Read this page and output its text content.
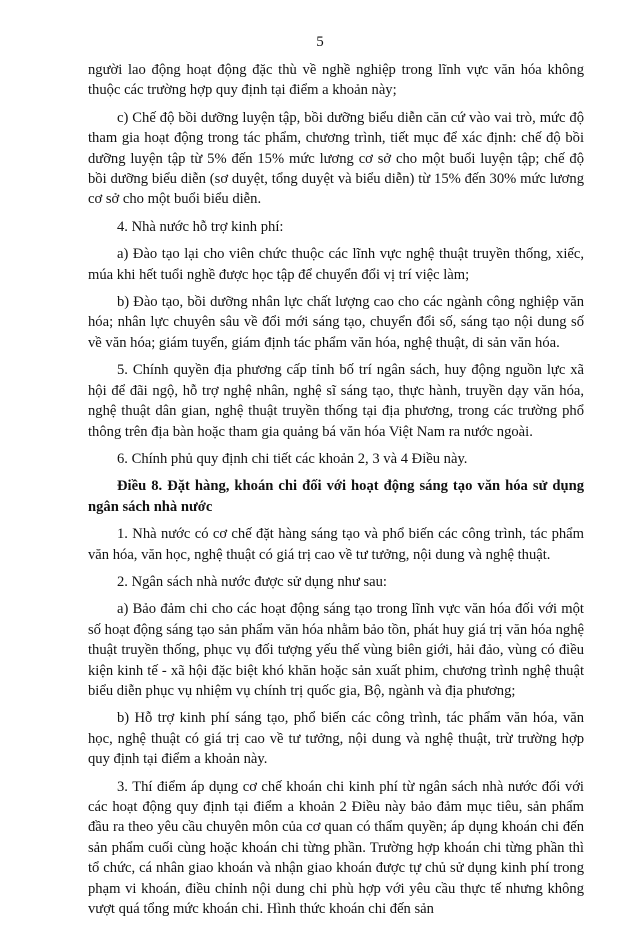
5

người lao động hoạt động đặc thù về nghề nghiệp trong lĩnh vực văn hóa không thuộc các trường hợp quy định tại điểm a khoản này;

c) Chế độ bồi dưỡng luyện tập, bồi dưỡng biểu diễn căn cứ vào vai trò, mức độ tham gia hoạt động trong tác phẩm, chương trình, tiết mục để xác định: chế độ bồi dưỡng luyện tập từ 5% đến 15% mức lương cơ sở cho một buổi luyện tập; chế độ bồi dưỡng biểu diễn (sơ duyệt, tổng duyệt và biểu diễn) từ 15% đến 30% mức lương cơ sở cho một buổi biểu diễn.

4. Nhà nước hỗ trợ kinh phí:

a) Đào tạo lại cho viên chức thuộc các lĩnh vực nghệ thuật truyền thống, xiếc, múa khi hết tuổi nghề được học tập để chuyển đổi vị trí việc làm;

b) Đào tạo, bồi dưỡng nhân lực chất lượng cao cho các ngành công nghiệp văn hóa; nhân lực chuyên sâu về đổi mới sáng tạo, chuyển đổi số, sáng tạo nội dung số về văn hóa; giám tuyển, giám định tác phẩm văn hóa, nghệ thuật, di sản văn hóa.

5. Chính quyền địa phương cấp tỉnh bố trí ngân sách, huy động nguồn lực xã hội để đãi ngộ, hỗ trợ nghệ nhân, nghệ sĩ sáng tạo, thực hành, truyền dạy văn hóa, nghệ thuật dân gian, nghệ thuật truyền thống tại địa phương, trong các trường phổ thông trên địa bàn hoặc tham gia quảng bá văn hóa Việt Nam ra nước ngoài.

6. Chính phủ quy định chi tiết các khoản 2, 3 và 4 Điều này.

Điều 8. Đặt hàng, khoán chi đối với hoạt động sáng tạo văn hóa sử dụng ngân sách nhà nước

1. Nhà nước có cơ chế đặt hàng sáng tạo và phổ biến các công trình, tác phẩm văn hóa, văn học, nghệ thuật có giá trị cao về tư tưởng, nội dung và nghệ thuật.

2. Ngân sách nhà nước được sử dụng như sau:

a) Bảo đảm chi cho các hoạt động sáng tạo trong lĩnh vực văn hóa đối với một số hoạt động sáng tạo sản phẩm văn hóa nhằm bảo tồn, phát huy giá trị văn hóa nghệ thuật truyền thống, phục vụ đối tượng yếu thế vùng biên giới, hải đảo, vùng có điều kiện kinh tế - xã hội đặc biệt khó khăn hoặc sản xuất phim, chương trình nghệ thuật biểu diễn phục vụ nhiệm vụ chính trị quốc gia, Bộ, ngành và địa phương;

b) Hỗ trợ kinh phí sáng tạo, phổ biến các công trình, tác phẩm văn hóa, văn học, nghệ thuật có giá trị cao về tư tưởng, nội dung và nghệ thuật, trừ trường hợp quy định tại điểm a khoản này.

3. Thí điểm áp dụng cơ chế khoán chi kinh phí từ ngân sách nhà nước đối với các hoạt động quy định tại điểm a khoản 2 Điều này bảo đảm mục tiêu, sản phẩm đầu ra theo yêu cầu chuyên môn của cơ quan có thẩm quyền; áp dụng khoán chi đến sản phẩm cuối cùng hoặc khoán chi từng phần. Trường hợp khoán chi từng phần thì tổ chức, cá nhân giao khoán và nhận giao khoán được tự chủ sử dụng kinh phí trong phạm vi khoán, điều chỉnh nội dung chi phù hợp với yêu cầu thực tế nhưng không vượt quá tổng mức khoán chi. Hình thức khoán chi đến sản
